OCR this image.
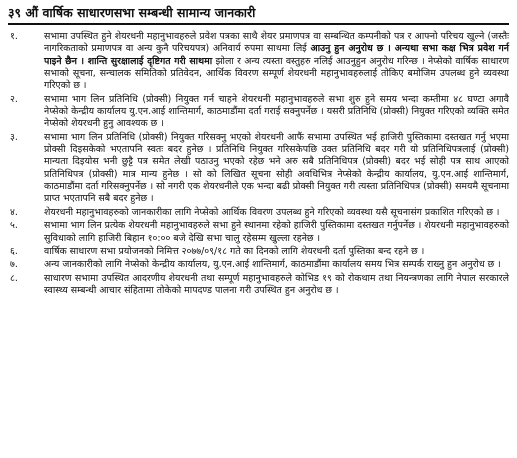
३९ औं वार्षिक साधारणसभा सम्बन्धी सामान्य जानकारी
१.	सभामा उपस्थित हुने शेयरधनी महानुभावहरुले प्रवेश पत्रका साथै शेयर प्रमाणपत्र वा सम्बन्धित कम्पनीको पत्र र आफ्नो परिचय खुल्ने (जस्तैः नागरिकताको प्रमाणपत्र वा अन्य कुनै परिचयपत्र) अनिवार्य रुपमा साथमा लिई आउनु हुन अनुरोध छ । अन्यथा सभा कक्ष भित्र प्रवेश गर्न पाइने छैन । शान्ति सुरक्षालाई दृष्टिगत गरी साथमा झोला र अन्य त्यस्ता वस्तुहरु नलिई आउनुहुन अनुरोध गरिन्छ । नेप्सेको वार्षिक साधारण सभाको सूचना, सन्चालक समितिको प्रतिवेदन, आर्थिक विवरण सम्पूर्ण शेयरधनी महानुभावहरुलाई तोकिए बमोजिम उपलब्ध हुने व्यवस्था गरिएको छ ।
२.	सभामा भाग लिन प्रतिनिधि (प्रोक्सी) नियुक्त गर्न चाहने शेयरधनी महानुभावहरुले सभा शुरु हुने समय भन्दा कम्तीमा ४८ घण्टा अगावै नेप्सेको केन्द्रीय कार्यालय यु.एन.आई शान्तिमार्ग, काठमाडौंमा दर्ता गराई सक्नुपर्नेछ । यसरी प्रतिनिधि (प्रोक्सी) नियुक्त गरिएको व्यक्ति समेत नेप्सेको शेयरधनी हुनु आवश्यक छ ।
३.	सभामा भाग लिन प्रतिनिधि (प्रोक्सी) नियुक्त गरिसक्नु भएको शेयरधनी आफैं सभामा उपस्थित भई हाजिरी पुस्तिकामा दस्तखत गर्नु भएमा प्रोक्सी दिइसकेको भएतापनि स्वतः बदर हुनेछ । प्रतिनिधि नियुक्त गरिसकेपछि उक्त प्रतिनिधि बदर गरी यो प्रतिनिधिपत्रलाई (प्रोक्सी) मान्यता दिइयोस भनी छुट्टै पत्र समेत लेखी पठाउनु भएको रहेछ भने अरु सबै प्रतिनिधिपत्र (प्रोक्सी) बदर भई सोही पत्र साथ आएको प्रतिनिधिपत्र (प्रोक्सी) मात्र मान्य हुनेछ । सो को लिखित सूचना सोही अवधिभित्र नेप्सेको केन्द्रीय कार्यालय, यु.एन.आई शान्तिमार्ग, काठमाडौंमा दर्ता गरिसक्नुपर्नेछ । सो नगरी एक शेयरधनीले एक भन्दा बढी प्रोक्सी नियुक्त गरी त्यस्ता प्रतिनिधिपत्र (प्रोक्सी) समयमै सूचनामा प्राप्त भएतापनि सबै बदर हुनेछ ।
४.	शेयरधनी महानुभावहरुको जानकारीका लागि नेप्सेको आर्थिक विवरण उपलब्ध हुने गरिएको व्यवस्था यसै सूचनासंग प्रकाशित गरिएको छ ।
५.	सभामा भाग लिन प्रत्येक शेयरधनी महानुभावहरुले सभा हुने स्थानमा रहेको हाजिरी पुस्तिकामा दस्तखत गर्नुपर्नेछ । शेयरधनी महानुभावहरुको सुविधाको लागि हाजिरी बिहान १०:०० बजे देखि सभा चालु रहेसम्म खुल्ला रहनेछ ।
६.	वार्षिक साधारण सभा प्रयोजनको निमित्त २०७७/०९/१८ गते का दिनको लागि शेयरधनी दर्ता पुस्तिका बन्द रहने छ ।
७.	अन्य जानकारीको लागि नेप्सेको केन्द्रीय कार्यालय, यु.एन.आई शान्तिमार्ग, काठमाडौंमा कार्यालय समय भित्र सम्पर्क राख्नु हुन अनुरोध छ ।
८.	साधारण सभामा उपस्थित आदरणीय शेयरधनी तथा सम्पूर्ण महानुभावहरुले कोभिड १९ को रोकथाम तथा नियन्त्रणका लागि नेपाल सरकारले स्वास्थ्य सम्बन्धी आचार संहितामा तोकेको मापदण्ड पालना गरी उपस्थित हुन अनुरोध छ ।
